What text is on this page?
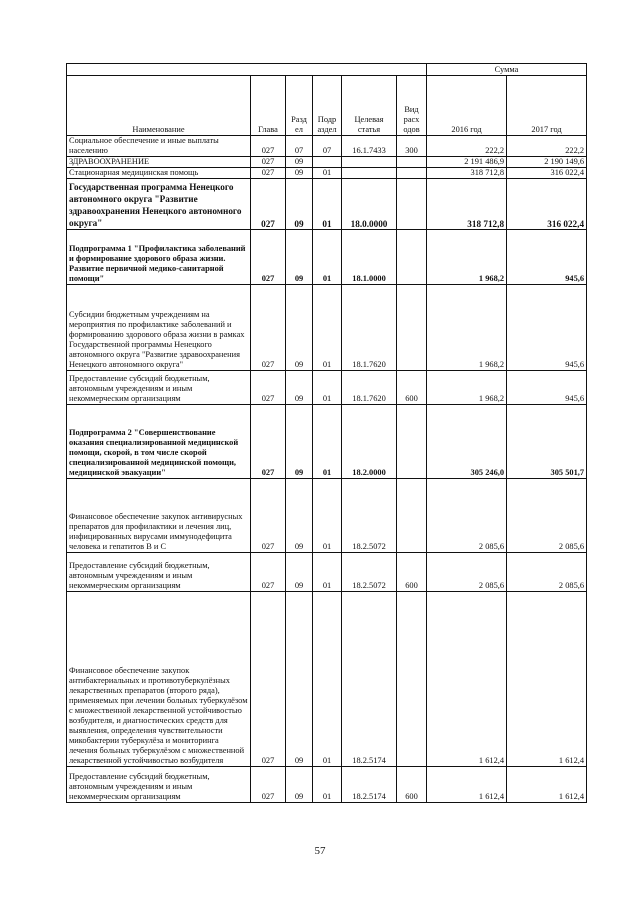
						Сумма	
Наименование	Глава	Разд ел	Подр аздел	Целевая статья	Вид расх одов	2016 год	2017 год
Социальное обеспечение и иные выплаты населению	027	07	07	16.1.7433	300	222,2	222,2
ЗДРАВООХРАНЕНИЕ	027	09				2 191 486,9	2 190 149,6
Стационарная медицинская помощь	027	09	01			318 712,8	316 022,4
Государственная программа Ненецкого автономного округа "Развитие здравоохранения Ненецкого автономного округа"	027	09	01	18.0.0000		318 712,8	316 022,4
Подпрограмма 1 "Профилактика заболеваний и формирование здорового образа жизни. Развитие первичной медико-санитарной помощи"	027	09	01	18.1.0000		1 968,2	945,6
Субсидии бюджетным учреждениям на мероприятия по профилактике заболеваний и формированию здорового образа жизни в рамках Государственной программы Ненецкого автономного округа "Развитие здравоохранения Ненецкого автономного округа"	027	09	01	18.1.7620		1 968,2	945,6
Предоставление субсидий бюджетным, автономным учреждениям и иным некоммерческим организациям	027	09	01	18.1.7620	600	1 968,2	945,6
Подпрограмма 2 "Совершенствование оказания специализированной медицинской помощи, скорой, в том числе скорой специализированной медицинской помощи, медицинской эвакуации"	027	09	01	18.2.0000		305 246,0	305 501,7
Финансовое обеспечение закупок антивирусных препаратов для профилактики и лечения лиц, инфицированных вирусами иммунодефицита человека и гепатитов В и С	027	09	01	18.2.5072		2 085,6	2 085,6
Предоставление субсидий бюджетным, автономным учреждениям и иным некоммерческим организациям	027	09	01	18.2.5072	600	2 085,6	2 085,6
Финансовое обеспечение закупок антибактериальных и противотуберкулёзных лекарственных препаратов (второго ряда), применяемых при лечении больных туберкулёзом с множественной лекарственной устойчивостью возбудителя, и диагностических средств для выявления, определения чувствительности микобактерии туберкулёза и мониторинга лечения больных туберкулёзом с множественной лекарственной устойчивостью возбудителя	027	09	01	18.2.5174		1 612,4	1 612,4
Предоставление субсидий бюджетным, автономным учреждениям и иным некоммерческим организациям	027	09	01	18.2.5174	600	1 612,4	1 612,4
57
